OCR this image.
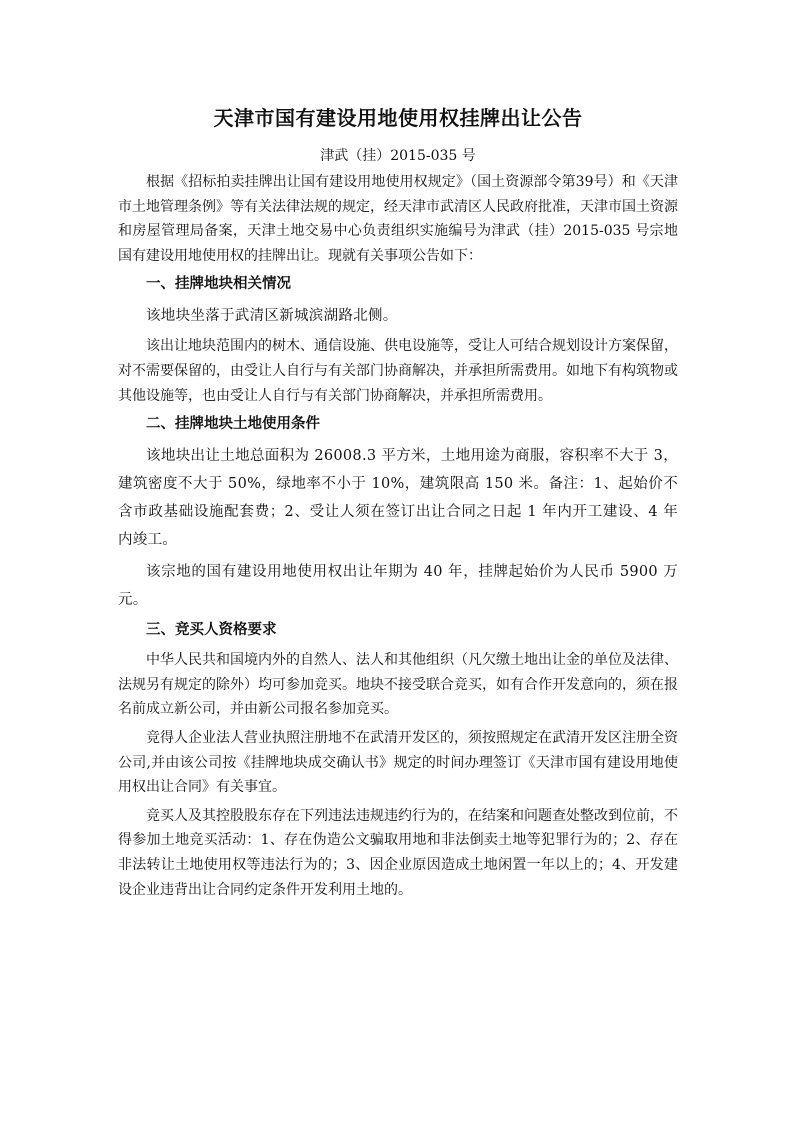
天津市国有建设用地使用权挂牌出让公告

津武（挂）2015-035 号

根据《招标拍卖挂牌出让国有建设用地使用权规定》（国土资源部令第39号）和《天津市土地管理条例》等有关法律法规的规定，经天津市武清区人民政府批准，天津市国土资源和房屋管理局备案，天津土地交易中心负责组织实施编号为津武（挂）2015-035 号宗地国有建设用地使用权的挂牌出让。现就有关事项公告如下：

一、挂牌地块相关情况

该地块坐落于武清区新城滨湖路北侧。

该出让地块范围内的树木、通信设施、供电设施等，受让人可结合规划设计方案保留，对不需要保留的，由受让人自行与有关部门协商解决，并承担所需费用。如地下有构筑物或其他设施等，也由受让人自行与有关部门协商解决，并承担所需费用。

二、挂牌地块土地使用条件

该地块出让土地总面积为 26008.3 平方米，土地用途为商服，容积率不大于 3，建筑密度不大于 50%，绿地率不小于 10%，建筑限高 150 米。备注：1、起始价不含市政基础设施配套费；2、受让人须在签订出让合同之日起 1 年内开工建设、4 年内竣工。

该宗地的国有建设用地使用权出让年期为 40 年，挂牌起始价为人民币 5900 万元。

三、竞买人资格要求

中华人民共和国境内外的自然人、法人和其他组织（凡欠缴土地出让金的单位及法律、法规另有规定的除外）均可参加竞买。地块不接受联合竞买，如有合作开发意向的，须在报名前成立新公司，并由新公司报名参加竞买。

竞得人企业法人营业执照注册地不在武清开发区的，须按照规定在武清开发区注册全资公司,并由该公司按《挂牌地块成交确认书》规定的时间办理签订《天津市国有建设用地使用权出让合同》有关事宜。

竞买人及其控股股东存在下列违法违规违约行为的，在结案和问题查处整改到位前，不得参加土地竞买活动：1、存在伪造公文骗取用地和非法倒卖土地等犯罪行为的；2、存在非法转让土地使用权等违法行为的；3、因企业原因造成土地闲置一年以上的；4、开发建设企业违背出让合同约定条件开发利用土地的。
